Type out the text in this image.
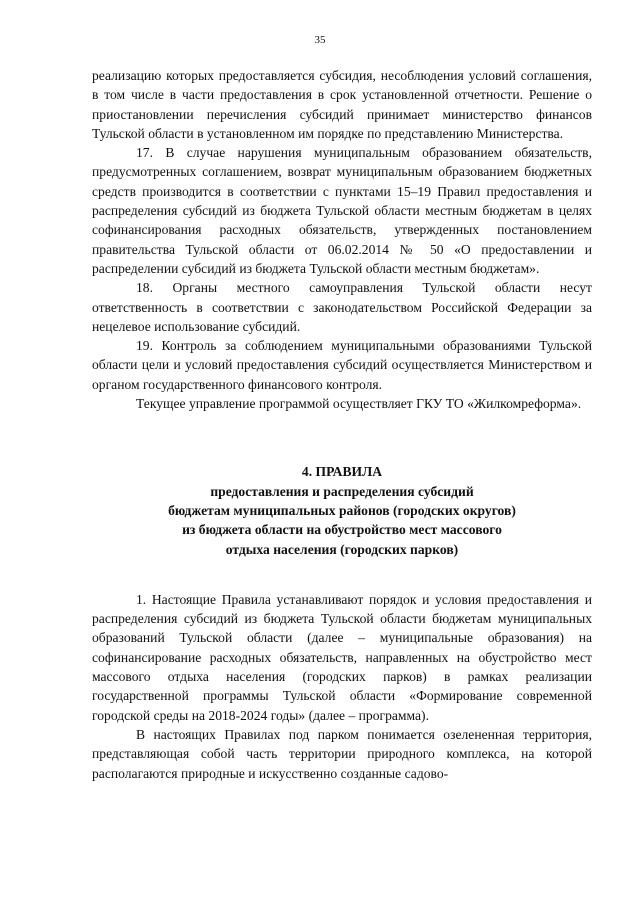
35

реализацию которых предоставляется субсидия, несоблюдения условий соглашения, в том числе в части предоставления в срок установленной отчетности. Решение о приостановлении перечисления субсидий принимает министерство финансов Тульской области в установленном им порядке по представлению Министерства.

17. В случае нарушения муниципальным образованием обязательств, предусмотренных соглашением, возврат муниципальным образованием бюджетных средств производится в соответствии с пунктами 15–19 Правил предоставления и распределения субсидий из бюджета Тульской области местным бюджетам в целях софинансирования расходных обязательств, утвержденных постановлением правительства Тульской области от 06.02.2014 № 50 «О предоставлении и распределении субсидий из бюджета Тульской области местным бюджетам».

18. Органы местного самоуправления Тульской области несут ответственность в соответствии с законодательством Российской Федерации за нецелевое использование субсидий.

19. Контроль за соблюдением муниципальными образованиями Тульской области цели и условий предоставления субсидий осуществляется Министерством и органом государственного финансового контроля.

Текущее управление программой осуществляет ГКУ ТО «Жилкомреформа».

4. ПРАВИЛА
предоставления и распределения субсидий
бюджетам муниципальных районов (городских округов)
из бюджета области на обустройство мест массового
отдыха населения (городских парков)

1. Настоящие Правила устанавливают порядок и условия предоставления и распределения субсидий из бюджета Тульской области бюджетам муниципальных образований Тульской области (далее – муниципальные образования) на софинансирование расходных обязательств, направленных на обустройство мест массового отдыха населения (городских парков) в рамках реализации государственной программы Тульской области «Формирование современной городской среды на 2018-2024 годы» (далее – программа).

В настоящих Правилах под парком понимается озелененная территория, представляющая собой часть территории природного комплекса, на которой располагаются природные и искусственно созданные садово-
